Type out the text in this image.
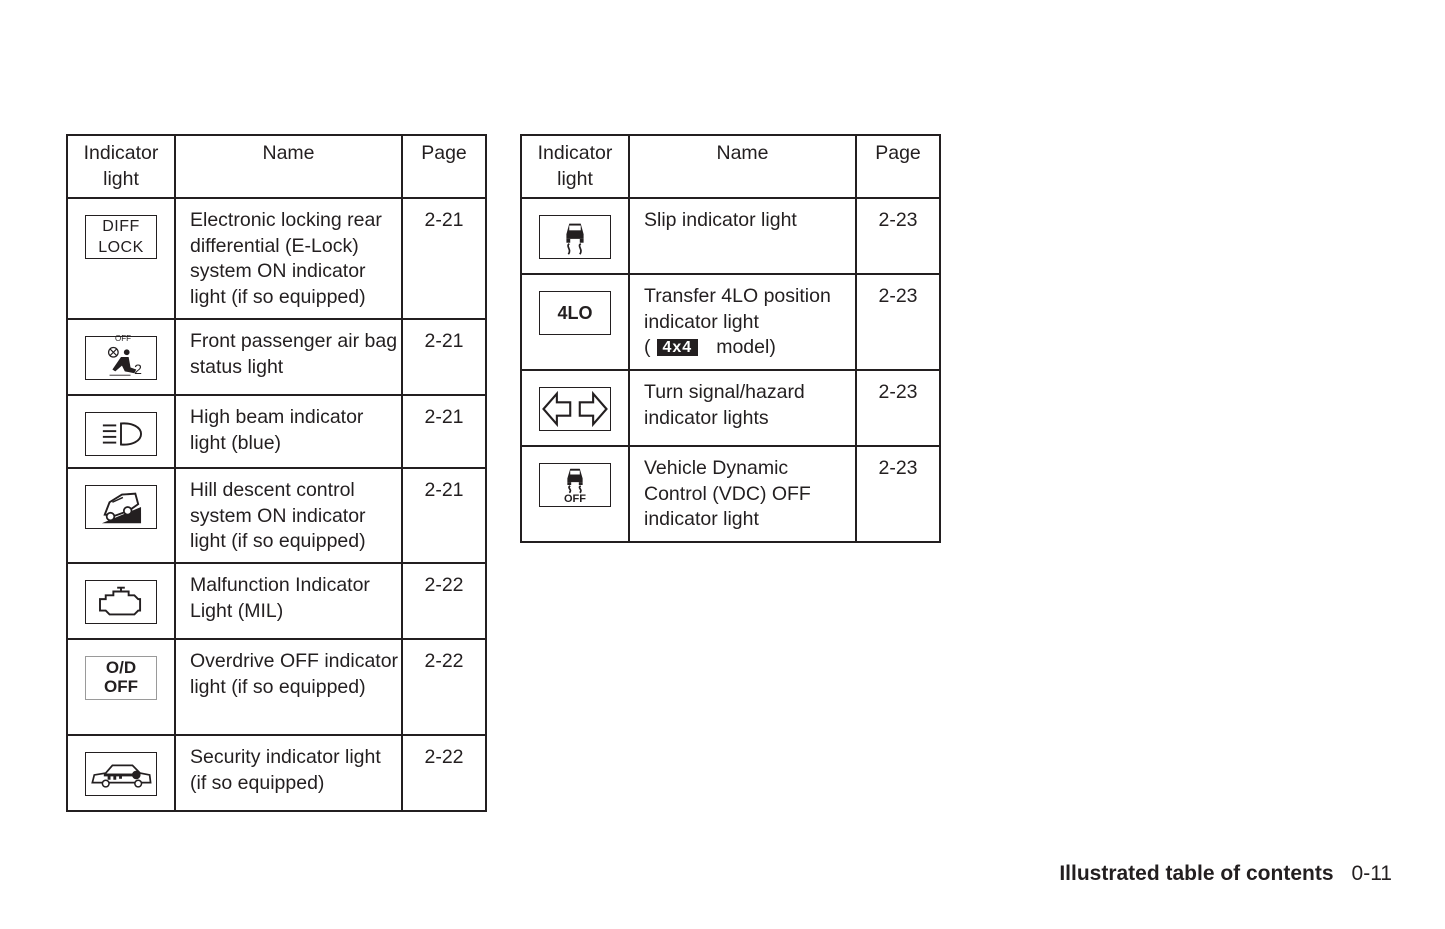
Indicator light	Name	Page

DIFF
LOCK	Electronic locking rear differential (E-Lock) system ON indicator light (if so equipped)	2-21

OFF
2	Front passenger air bag status light	2-21

	High beam indicator light (blue)	2-21

	Hill descent control system ON indicator light (if so equipped)	2-21

	Malfunction Indicator Light (MIL)	2-22

O/D
OFF	Overdrive OFF indicator light (if so equipped)	2-22

	Security indicator light (if so equipped)	2-22
Indicator light	Name	Page

	Slip indicator light	2-23

4LO	Transfer 4LO position indicator light
( 4x4 model)	2-23

	Turn signal/hazard indicator lights	2-23

OFF	Vehicle Dynamic Control (VDC) OFF indicator light	2-23
Illustrated table of contents 0-11
